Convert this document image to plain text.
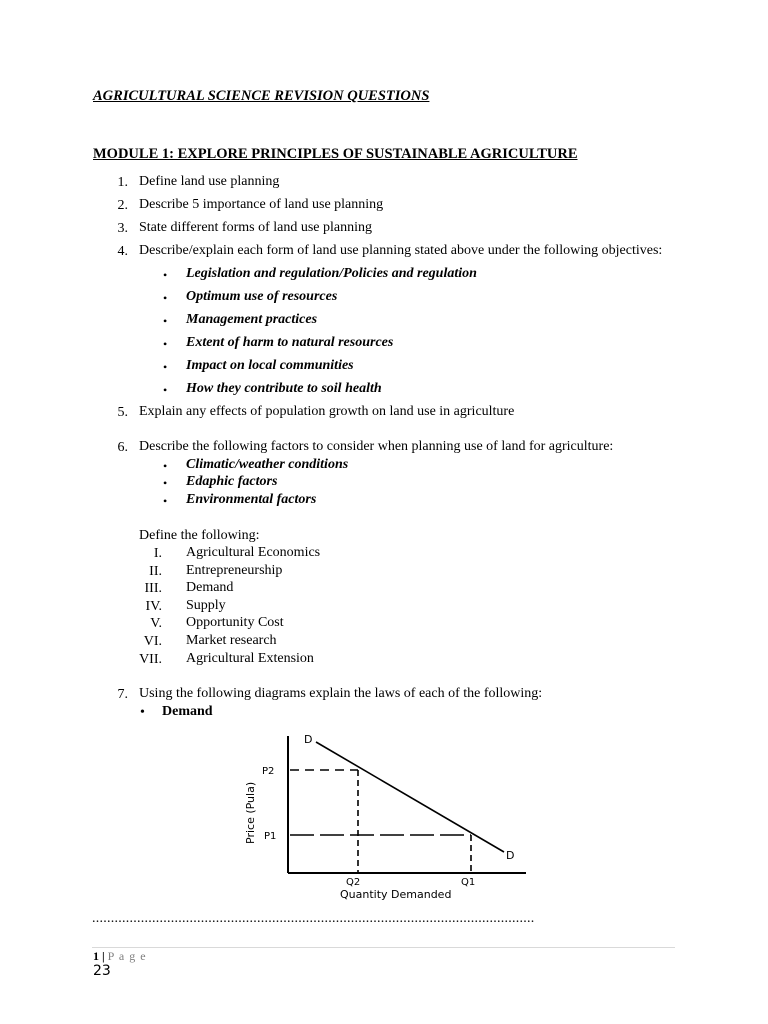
AGRICULTURAL SCIENCE REVISION QUESTIONS
MODULE 1: EXPLORE PRINCIPLES OF SUSTAINABLE AGRICULTURE
1. Define land use planning
2. Describe 5 importance of land use planning
3. State different forms of land use planning
4. Describe/explain each form of land use planning stated above under the following objectives:
• Legislation and regulation/Policies and regulation
• Optimum use of resources
• Management practices
• Extent of harm to natural resources
• Impact on local communities
• How they contribute to soil health
5. Explain any effects of population growth on land use in agriculture
6. Describe the following factors to consider when planning use of land for agriculture:
• Climatic/weather conditions
• Edaphic factors
• Environmental factors
Define the following:
I. Agricultural Economics
II. Entrepreneurship
III. Demand
IV. Supply
V. Opportunity Cost
VI. Market research
VII. Agricultural Extension
7. Using the following diagrams explain the laws of each of the following:
• Demand
D
D
P2
P1
Price (Pula)
Q2	Q1
Quantity Demanded
......................................................................................................................
1 | P a g e
23
